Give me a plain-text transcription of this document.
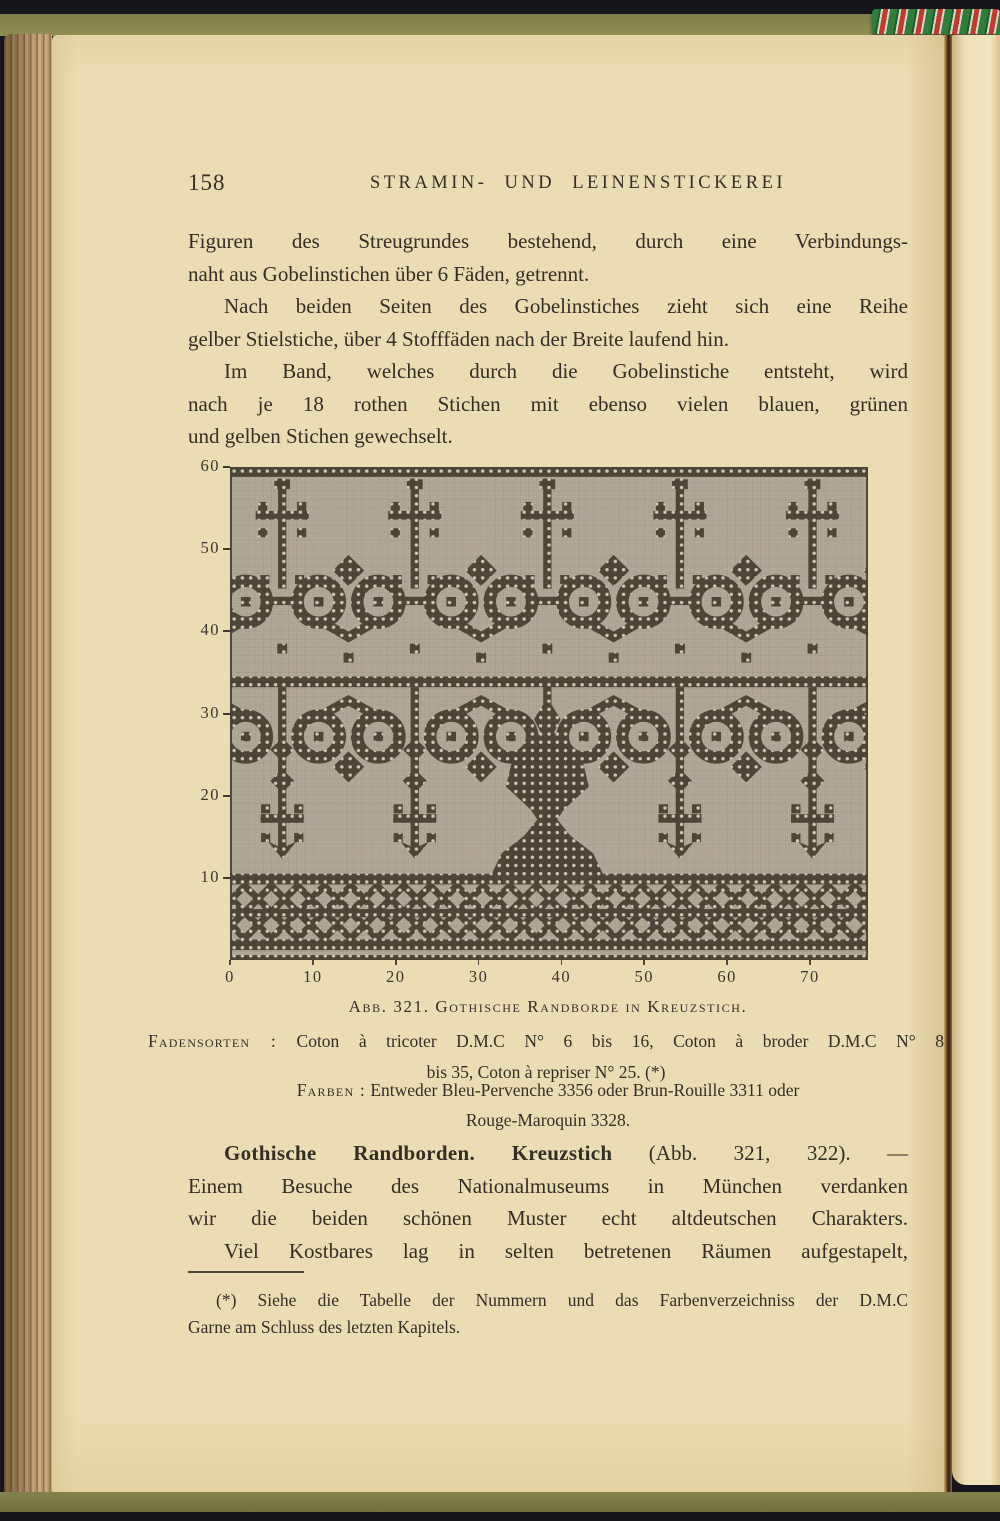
158	STRAMIN- UND LEINENSTICKEREI
Figuren des Streugrundes bestehend, durch eine Verbindungs-
naht aus Gobelinstichen über 6 Fäden, getrennt.
Nach beiden Seiten des Gobelinstiches zieht sich eine Reihe
gelber Stielstiche, über 4 Stofffäden nach der Breite laufend hin.
Im Band, welches durch die Gobelinstiche entsteht, wird
nach je 18 rothen Stichen mit ebenso vielen blauen, grünen
und gelben Stichen gewechselt.
60
50
40
30
20
10
0	10	20	30	40	50	60	70
Abb. 321. Gothische Randborde in Kreuzstich.
Fadensorten : Coton à tricoter D.M.C N° 6 bis 16, Coton à broder D.M.C N° 8
bis 35, Coton à repriser N° 25. (*)
Farben : Entweder Bleu-Pervenche 3356 oder Brun-Rouille 3311 oder
Rouge-Maroquin 3328.
Gothische Randborden. Kreuzstich (Abb. 321, 322). —
Einem Besuche des Nationalmuseums in München verdanken
wir die beiden schönen Muster echt altdeutschen Charakters.
Viel Kostbares lag in selten betretenen Räumen aufgestapelt,
(*) Siehe die Tabelle der Nummern und das Farbenverzeichniss der D.M.C
Garne am Schluss des letzten Kapitels.
